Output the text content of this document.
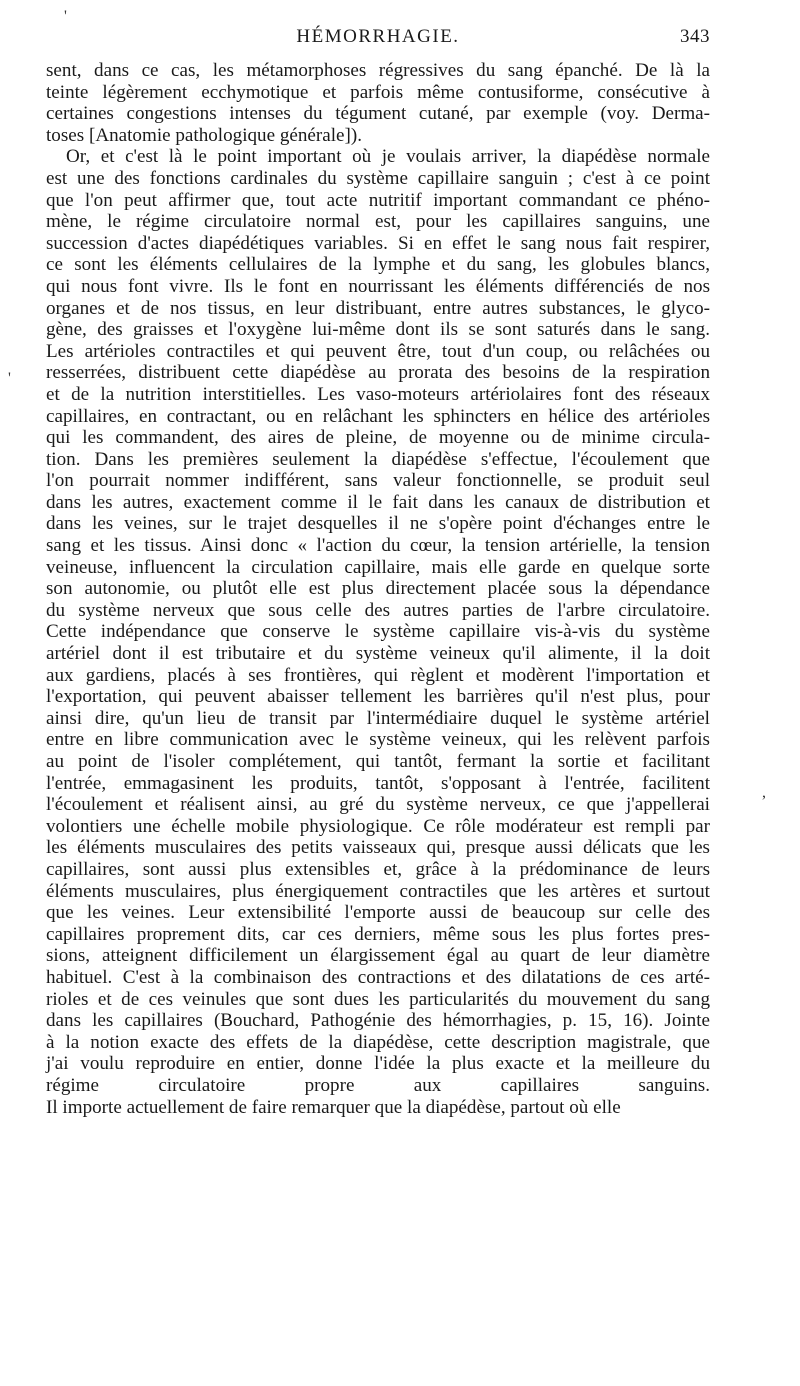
HÉMORRHAGIE.	343
sent, dans ce cas, les métamorphoses régressives du sang épanché. De là la
teinte légèrement ecchymotique et parfois même contusiforme, consécutive à
certaines congestions intenses du tégument cutané, par exemple (voy. Derma-
toses [Anatomie pathologique générale]).
Or, et c'est là le point important où je voulais arriver, la diapédèse normale
est une des fonctions cardinales du système capillaire sanguin ; c'est à ce point
que l'on peut affirmer que, tout acte nutritif important commandant ce phéno-
mène, le régime circulatoire normal est, pour les capillaires sanguins, une
succession d'actes diapédétiques variables. Si en effet le sang nous fait respirer,
ce sont les éléments cellulaires de la lymphe et du sang, les globules blancs,
qui nous font vivre. Ils le font en nourrissant les éléments différenciés de nos
organes et de nos tissus, en leur distribuant, entre autres substances, le glyco-
gène, des graisses et l'oxygène lui-même dont ils se sont saturés dans le sang.
Les artérioles contractiles et qui peuvent être, tout d'un coup, ou relâchées ou
resserrées, distribuent cette diapédèse au prorata des besoins de la respiration
et de la nutrition interstitielles. Les vaso-moteurs artériolaires font des réseaux
capillaires, en contractant, ou en relâchant les sphincters en hélice des artérioles
qui les commandent, des aires de pleine, de moyenne ou de minime circula-
tion. Dans les premières seulement la diapédèse s'effectue, l'écoulement que
l'on pourrait nommer indifférent, sans valeur fonctionnelle, se produit seul
dans les autres, exactement comme il le fait dans les canaux de distribution et
dans les veines, sur le trajet desquelles il ne s'opère point d'échanges entre le
sang et les tissus. Ainsi donc « l'action du cœur, la tension artérielle, la tension
veineuse, influencent la circulation capillaire, mais elle garde en quelque sorte
son autonomie, ou plutôt elle est plus directement placée sous la dépendance
du système nerveux que sous celle des autres parties de l'arbre circulatoire.
Cette indépendance que conserve le système capillaire vis-à-vis du système
artériel dont il est tributaire et du système veineux qu'il alimente, il la doit
aux gardiens, placés à ses frontières, qui règlent et modèrent l'importation et
l'exportation, qui peuvent abaisser tellement les barrières qu'il n'est plus, pour
ainsi dire, qu'un lieu de transit par l'intermédiaire duquel le système artériel
entre en libre communication avec le système veineux, qui les relèvent parfois
au point de l'isoler complétement, qui tantôt, fermant la sortie et facilitant
l'entrée, emmagasinent les produits, tantôt, s'opposant à l'entrée, facilitent
l'écoulement et réalisent ainsi, au gré du système nerveux, ce que j'appellerai
volontiers une échelle mobile physiologique. Ce rôle modérateur est rempli par
les éléments musculaires des petits vaisseaux qui, presque aussi délicats que les
capillaires, sont aussi plus extensibles et, grâce à la prédominance de leurs
éléments musculaires, plus énergiquement contractiles que les artères et surtout
que les veines. Leur extensibilité l'emporte aussi de beaucoup sur celle des
capillaires proprement dits, car ces derniers, même sous les plus fortes pres-
sions, atteignent difficilement un élargissement égal au quart de leur diamètre
habituel. C'est à la combinaison des contractions et des dilatations de ces arté-
rioles et de ces veinules que sont dues les particularités du mouvement du sang
dans les capillaires (Bouchard, Pathogénie des hémorrhagies, p. 15, 16). Jointe
à la notion exacte des effets de la diapédèse, cette description magistrale, que
j'ai voulu reproduire en entier, donne l'idée la plus exacte et la meilleure du
régime circulatoire propre aux capillaires sanguins.
Il importe actuellement de faire remarquer que la diapédèse, partout où elle
'
'
,
